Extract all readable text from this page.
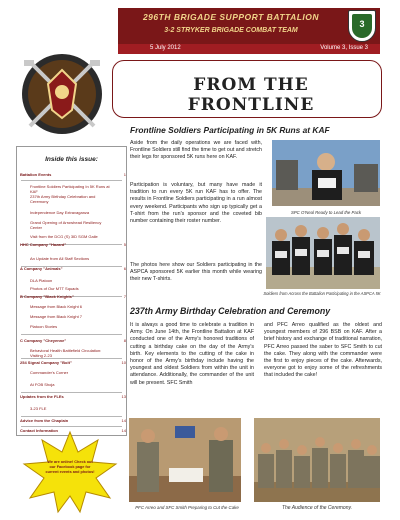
296TH BRIGADE SUPPORT BATTALION
3-2 STRYKER BRIGADE COMBAT TEAM
3
5 July 2012	Volume 3, Issue 3
FROM THE FRONTLINE
Inside this issue:
Battalion Events	1
Frontline Soldiers Participating In 5K Runs at KAF
237th Army Birthday Celebration and Ceremony
Independence Day Extravaganza
Grand Opening of Arrowhead Resiliency Center
Visit from the DCG (S) 3ID SGM Gaile
HHC Company "Hazard"	5
An Update from All Staff Sections
A Company "Animals"	6
DLA Platoon
Photos of Our MTT Squads
B Company "Black Knights"	7
Message from Black Knight 6
Message from Black Knight 7
Platoon Stories
C Company "Cheyenne"	8
Behavioral Health Battlefield Circulation: Visiting 2-23
254 Signal Company "Bolt"	10
Commander's Corner
At FOB Shoja
Updates from the FLEs	13
3-23 FLE
Advice from the Chaplain	14
Contact Information	14
We are online! Check out our Facebook page for current events and photos!
Frontline Soldiers Participating in 5K Runs at KAF
Aside from the daily operations we are faced with, Frontline Soldiers still find the time to get out and stretch their legs for sponsored 5K runs here on KAF.
Participation is voluntary, but many have made it tradition to run every 5K run KAF has to offer. The results in Frontline Soldiers participating in a run almost every weekend. Participants who sign up typically get a T-shirt from the run's sponsor and the coveted bib number containing their roster number.
The photos here show our Soldiers participating in the ASPCA sponsored 5K earlier this month while wearing their new T-shirts.
SPC O'Neal Ready to Lead the Pack
Soldiers from Across the Battalion Participating in the ASPCA 5K
237th Army Birthday Celebration and Ceremony
It is always a good time to celebrate a tradition in Army. On June 14th, the Frontline Battalion at KAF conducted one of the Army's honored traditions of cutting a birthday cake on the day of the Army's birth. Key elements to the cutting of the cake in honor of the Army's birthday include having the youngest and oldest Soldiers from within the unit in attendance. Additionally, the commander of the unit will be present. SFC Smith
and PFC Arreo qualified as the oldest and youngest members of 296 BSB on KAF. After a brief history and exchange of traditional narration, PFC Arreo passed the saber to SFC Smith to cut the cake. They along with the commander were the first to enjoy pieces of the cake. Afterwards, everyone got to enjoy some of the refreshments that included the cake!
PFC Arreo and SFC Smith Preparing to Cut the Cake	The Audience of the Ceremony.
